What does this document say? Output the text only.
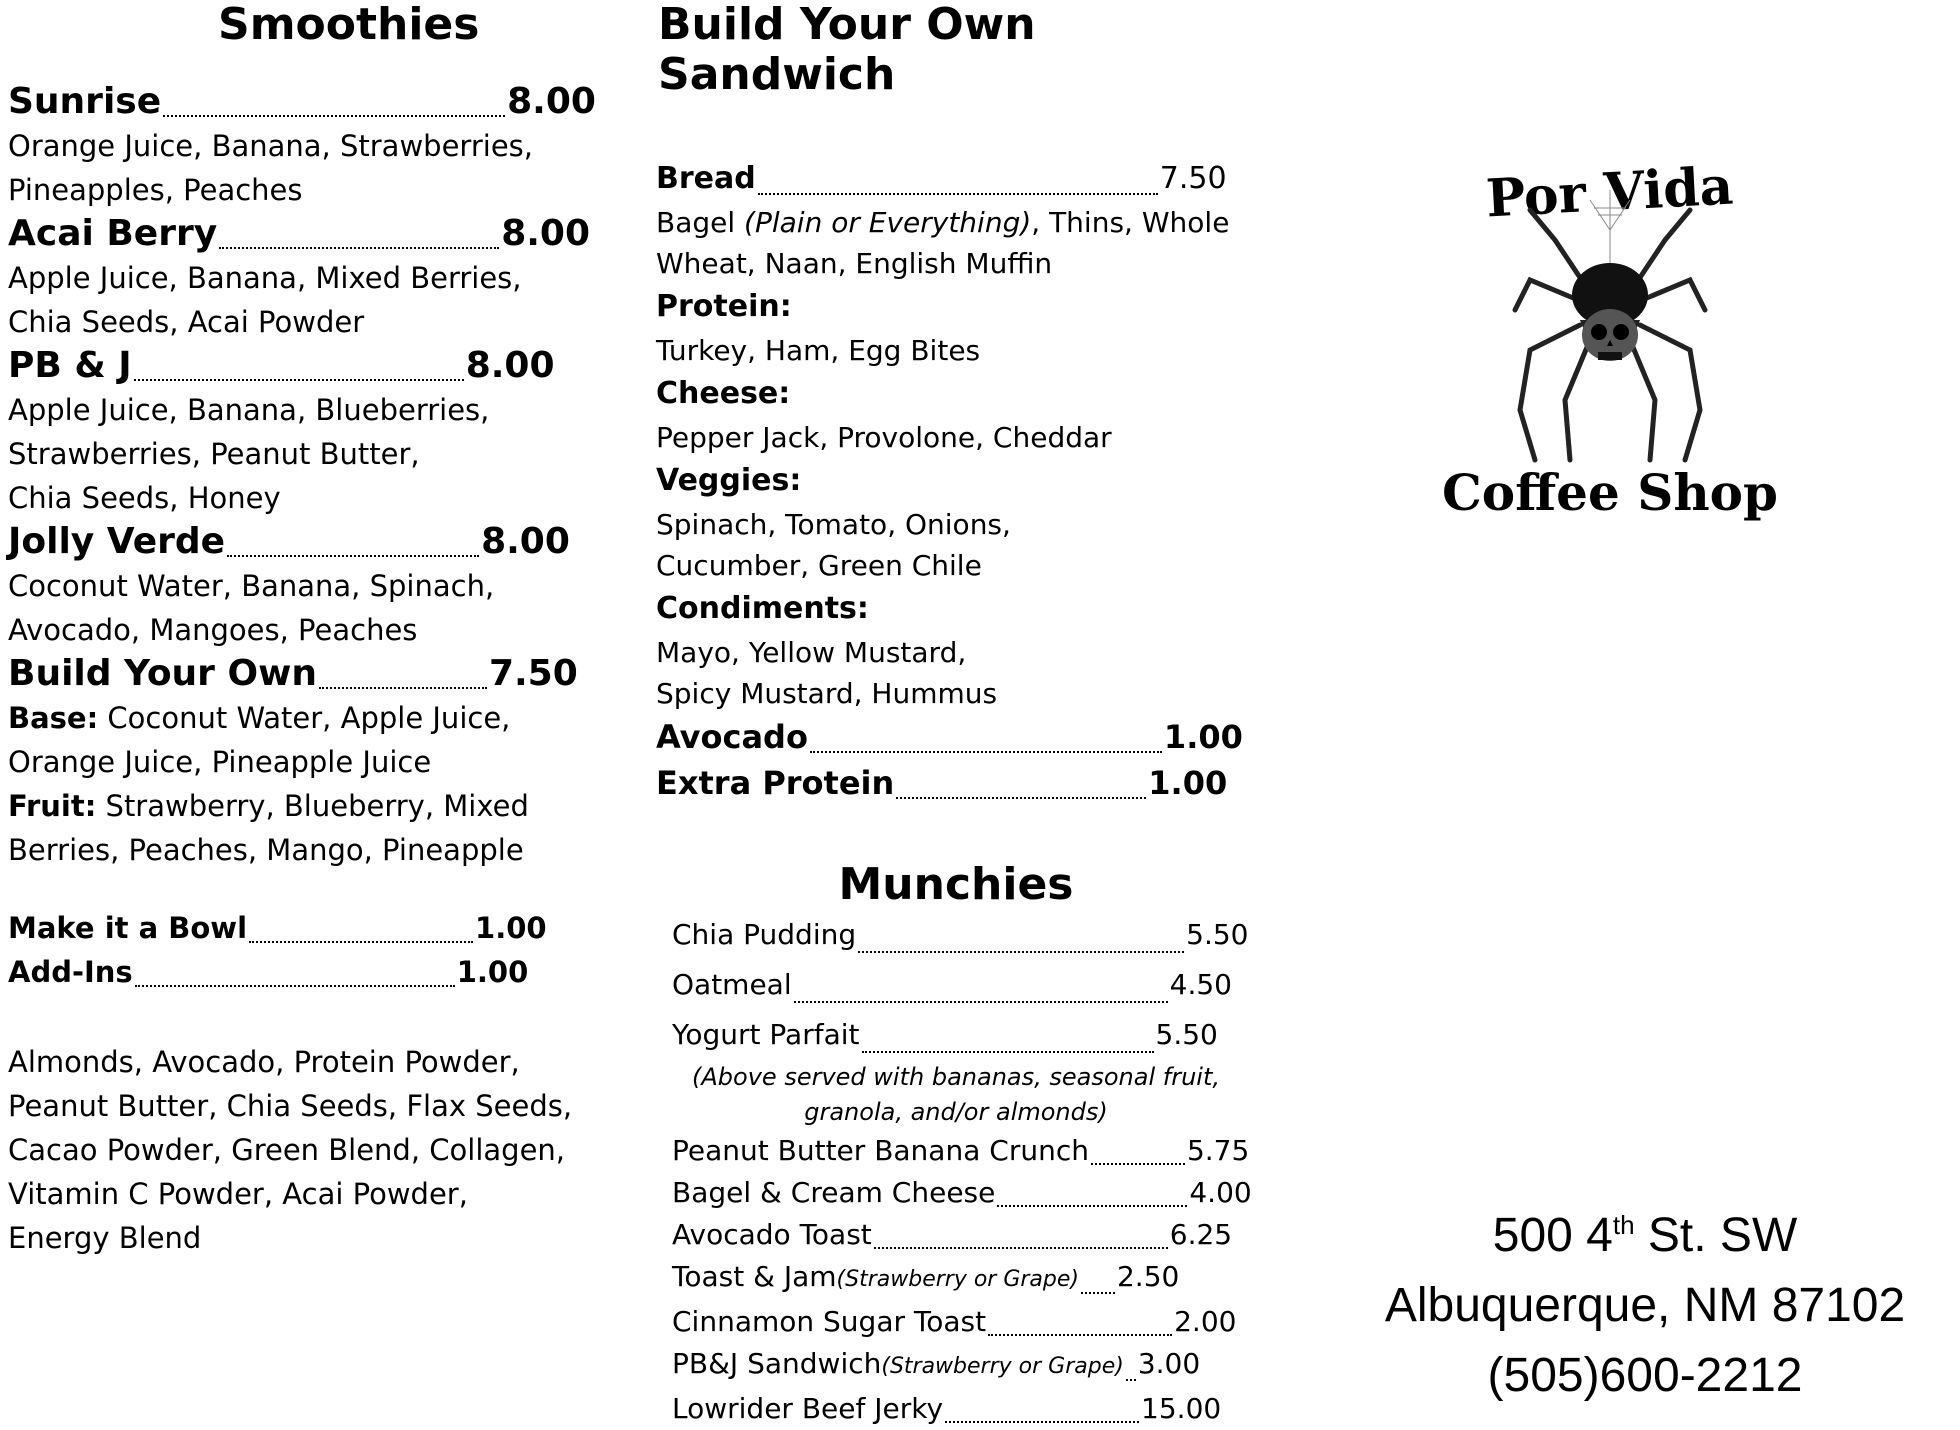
Smoothies
Sunrise	8.00
Orange Juice, Banana, Strawberries,
Pineapples, Peaches
Acai Berry	8.00
Apple Juice, Banana, Mixed Berries,
Chia Seeds, Acai Powder
PB & J	8.00
Apple Juice, Banana, Blueberries,
Strawberries, Peanut Butter,
Chia Seeds, Honey
Jolly Verde	8.00
Coconut Water, Banana, Spinach,
Avocado, Mangoes, Peaches
Build Your Own	7.50
Base: Coconut Water, Apple Juice,
Orange Juice, Pineapple Juice
Fruit: Strawberry, Blueberry, Mixed
Berries, Peaches, Mango, Pineapple
Make it a Bowl	1.00
Add-Ins	1.00
Almonds, Avocado, Protein Powder,
Peanut Butter, Chia Seeds, Flax Seeds,
Cacao Powder, Green Blend, Collagen,
Vitamin C Powder, Acai Powder,
Energy Blend
Build Your Own Sandwich
Bread	7.50
Bagel (Plain or Everything), Thins, Whole
Wheat, Naan, English Muffin
Protein:
Turkey, Ham, Egg Bites
Cheese:
Pepper Jack, Provolone, Cheddar
Veggies:
Spinach, Tomato, Onions,
Cucumber, Green Chile
Condiments:
Mayo, Yellow Mustard,
Spicy Mustard, Hummus
Avocado	1.00
Extra Protein	1.00
Munchies
Chia Pudding	5.50
Oatmeal	4.50
Yogurt Parfait	5.50
(Above served with bananas, seasonal fruit,
granola, and/or almonds)
Peanut Butter Banana Crunch	5.75
Bagel & Cream Cheese	4.00
Avocado Toast	6.25
Toast & Jam (Strawberry or Grape) 2.50
Cinnamon Sugar Toast	2.00
PB&J Sandwich (Strawberry or Grape) 3.00
Lowrider Beef Jerky	15.00
Por Vida
Coffee Shop
500 4th St. SW
Albuquerque, NM 87102
(505)600-2212
